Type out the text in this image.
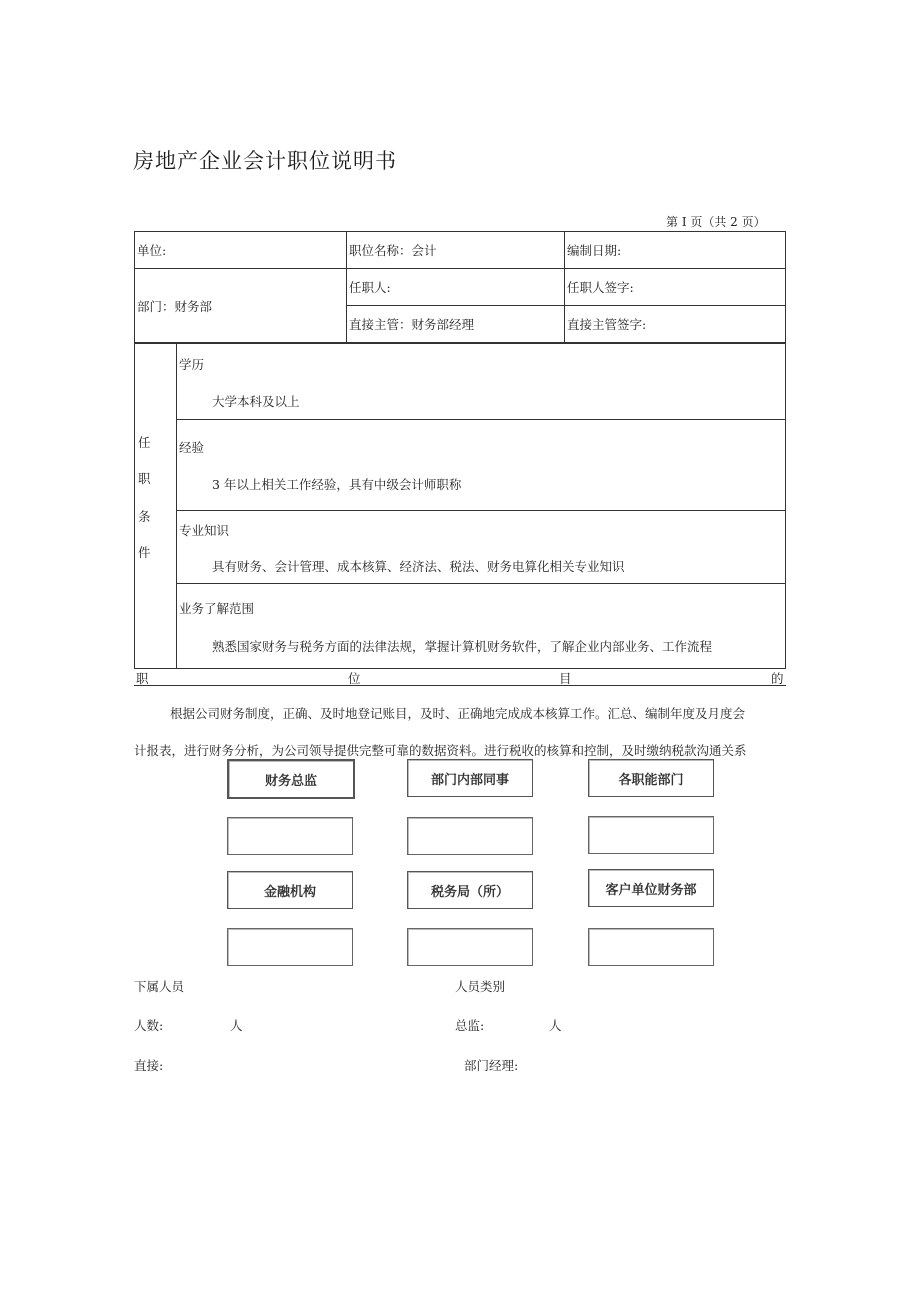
房地产企业会计职位说明书
第 I 页（共 2 页）
单位:	职位名称：会计	编制日期:
部门：财务部	任职人:	任职人签字:
	直接主管：财务部经理	直接主管签字:
任
职
条
件
学历
大学本科及以上
经验
3 年以上相关工作经验，具有中级会计师职称
专业知识
具有财务、会计管理、成本核算、经济法、税法、财务电算化相关专业知识
业务了解范围
熟悉国家财务与税务方面的法律法规，掌握计算机财务软件，了解企业内部业务、工作流程
职	位	目	的
根据公司财务制度，正确、及时地登记账目，及时、正确地完成成本核算工作。汇总、编制年度及月度会
计报表，进行财务分析，为公司领导提供完整可靠的数据资料。进行税收的核算和控制，及时缴纳税款沟通关系
财务总监	部门内部同事	各职能部门
金融机构	税务局（所）	客户单位财务部
下属人员	人员类别
人数:	人	总监:	人
直接:	部门经理:
